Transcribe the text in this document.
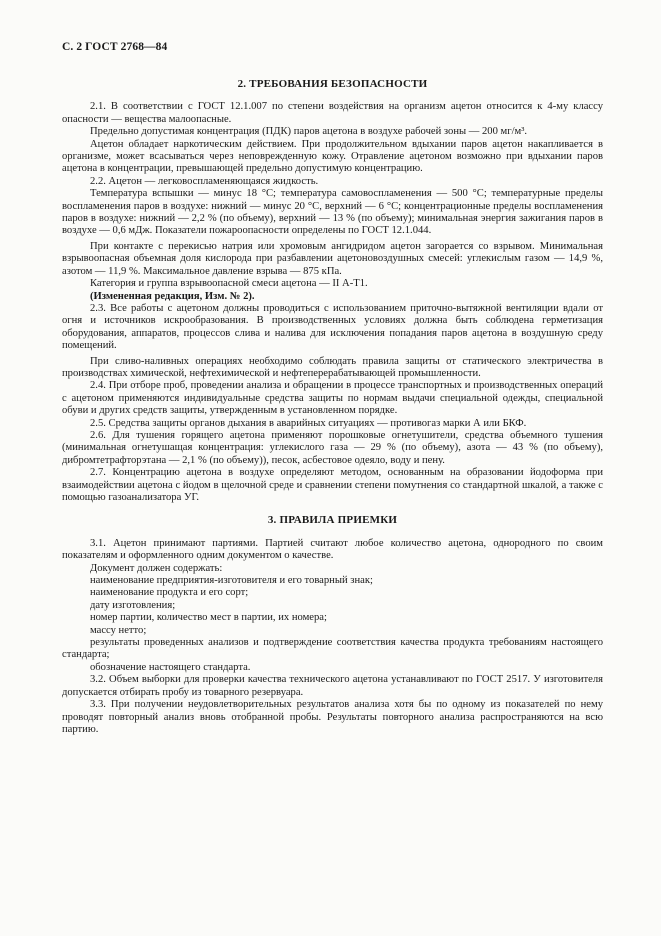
С. 2 ГОСТ 2768—84
2. ТРЕБОВАНИЯ БЕЗОПАСНОСТИ

2.1. В соответствии с ГОСТ 12.1.007 по степени воздействия на организм ацетон относится к 4-му классу опасности — вещества малоопасные.

Предельно допустимая концентрация (ПДК) паров ацетона в воздухе рабочей зоны — 200 мг/м³.

Ацетон обладает наркотическим действием. При продолжительном вдыхании паров ацетон накапливается в организме, может всасываться через неповрежденную кожу. Отравление ацетоном возможно при вдыхании паров ацетона в концентрации, превышающей предельно допустимую концентрацию.

2.2. Ацетон — легковоспламеняющаяся жидкость.

Температура вспышки — минус 18 °С; температура самовоспламенения — 500 °С; температурные пределы воспламенения паров в воздухе: нижний — минус 20 °С, верхний — 6 °С; концентрационные пределы воспламенения паров в воздухе: нижний — 2,2 % (по объему), верхний — 13 % (по объему); минимальная энергия зажигания паров в воздухе — 0,6 мДж. Показатели пожароопасности определены по ГОСТ 12.1.044.

При контакте с перекисью натрия или хромовым ангидридом ацетон загорается со взрывом. Минимальная взрывоопасная объемная доля кислорода при разбавлении ацетоновоздушных смесей: углекислым газом — 14,9 %, азотом — 11,9 %. Максимальное давление взрыва — 875 кПа.

Категория и группа взрывоопасной смеси ацетона — II А-Т1.

(Измененная редакция, Изм. № 2).

2.3. Все работы с ацетоном должны проводиться с использованием приточно-вытяжной вентиляции вдали от огня и источников искрообразования. В производственных условиях должна быть соблюдена герметизация оборудования, аппаратов, процессов слива и налива для исключения попадания паров ацетона в воздушную среду помещений.

При сливо-наливных операциях необходимо соблюдать правила защиты от статического электричества в производствах химической, нефтехимической и нефтеперерабатывающей промышленности.

2.4. При отборе проб, проведении анализа и обращении в процессе транспортных и производственных операций с ацетоном применяются индивидуальные средства защиты по нормам выдачи специальной одежды, специальной обуви и других средств защиты, утвержденным в установленном порядке.

2.5. Средства защиты органов дыхания в аварийных ситуациях — противогаз марки А или БКФ.

2.6. Для тушения горящего ацетона применяют порошковые огнетушители, средства объемного тушения (минимальная огнетушащая концентрация: углекислого газа — 29 % (по объему), азота — 43 % (по объему), дибромтетрафторэтана — 2,1 % (по объему)), песок, асбестовое одеяло, воду и пену.

2.7. Концентрацию ацетона в воздухе определяют методом, основанным на образовании йодоформа при взаимодействии ацетона с йодом в щелочной среде и сравнении степени помутнения со стандартной шкалой, а также с помощью газоанализатора УГ.

3. ПРАВИЛА ПРИЕМКИ

3.1. Ацетон принимают партиями. Партией считают любое количество ацетона, однородного по своим показателям и оформленного одним документом о качестве.

Документ должен содержать:

наименование предприятия-изготовителя и его товарный знак;

наименование продукта и его сорт;

дату изготовления;

номер партии, количество мест в партии, их номера;

массу нетто;

результаты проведенных анализов и подтверждение соответствия качества продукта требованиям настоящего стандарта;

обозначение настоящего стандарта.

3.2. Объем выборки для проверки качества технического ацетона устанавливают по ГОСТ 2517. У изготовителя допускается отбирать пробу из товарного резервуара.

3.3. При получении неудовлетворительных результатов анализа хотя бы по одному из показателей по нему проводят повторный анализ вновь отобранной пробы. Результаты повторного анализа распространяются на всю партию.
